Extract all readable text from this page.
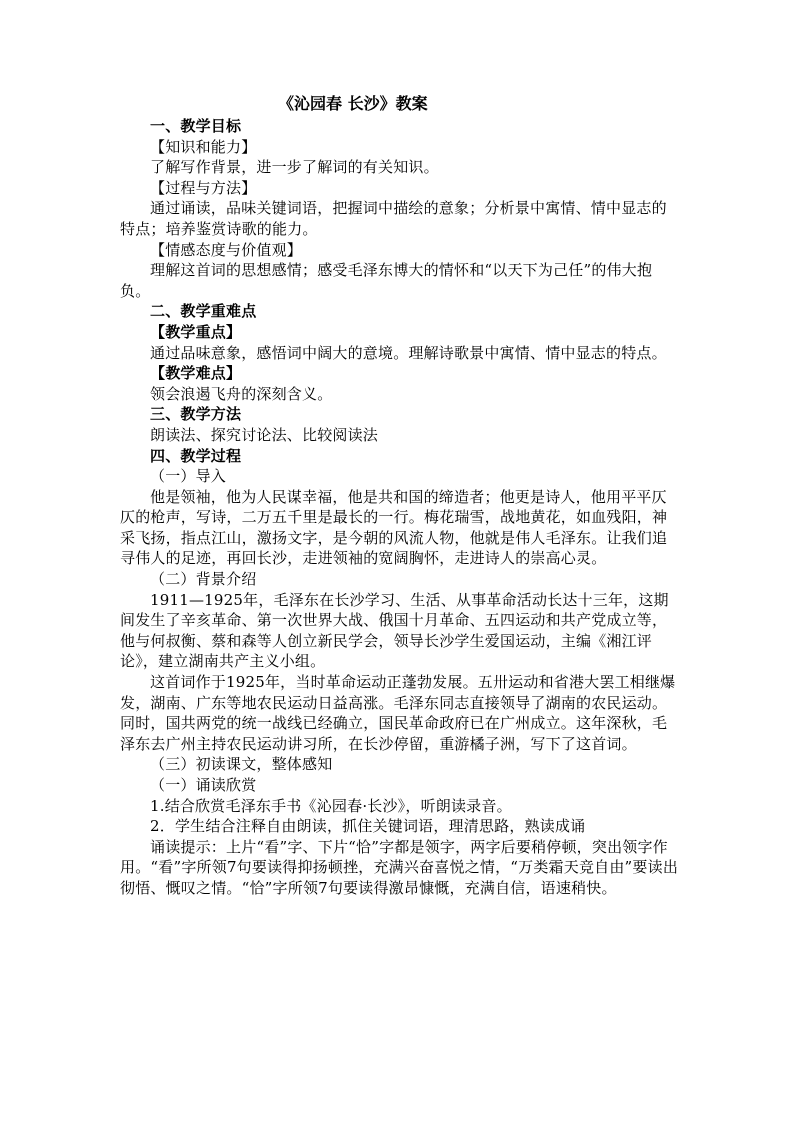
《沁园春 长沙》教案

一、教学目标

【知识和能力】

了解写作背景，进一步了解词的有关知识。

【过程与方法】

通过诵读，品味关键词语，把握词中描绘的意象；分析景中寓情、情中显志的特点；培养鉴赏诗歌的能力。

【情感态度与价值观】

理解这首词的思想感情；感受毛泽东博大的情怀和“以天下为己任”的伟大抱负。

二、教学重难点

【教学重点】

通过品味意象，感悟词中阔大的意境。理解诗歌景中寓情、情中显志的特点。

【教学难点】

领会浪遏飞舟的深刻含义。

三、教学方法

朗读法、探究讨论法、比较阅读法

四、教学过程

（一）导入

他是领袖，他为人民谋幸福，他是共和国的缔造者；他更是诗人，他用平平仄仄的枪声，写诗，二万五千里是最长的一行。梅花瑞雪，战地黄花，如血残阳，神采飞扬，指点江山，激扬文字，是今朝的风流人物，他就是伟人毛泽东。让我们追寻伟人的足迹，再回长沙，走进领袖的宽阔胸怀，走进诗人的崇高心灵。

（二）背景介绍

1911—1925年，毛泽东在长沙学习、生活、从事革命活动长达十三年，这期间发生了辛亥革命、第一次世界大战、俄国十月革命、五四运动和共产党成立等，他与何叔衡、蔡和森等人创立新民学会，领导长沙学生爱国运动，主编《湘江评论》，建立湖南共产主义小组。

这首词作于1925年，当时革命运动正蓬勃发展。五卅运动和省港大罢工相继爆发，湖南、广东等地农民运动日益高涨。毛泽东同志直接领导了湖南的农民运动。同时，国共两党的统一战线已经确立，国民革命政府已在广州成立。这年深秋，毛泽东去广州主持农民运动讲习所，在长沙停留，重游橘子洲，写下了这首词。

（三）初读课文，整体感知

（一）诵读欣赏

1.结合欣赏毛泽东手书《沁园春·长沙》，听朗读录音。

2．学生结合注释自由朗读，抓住关键词语，理清思路，熟读成诵

诵读提示：上片“看”字、下片“恰”字都是领字，两字后要稍停顿，突出领字作用。“看”字所领7句要读得抑扬顿挫，充满兴奋喜悦之情，“万类霜天竞自由”要读出彻悟、慨叹之情。“恰”字所领7句要读得激昂慷慨，充满自信，语速稍快。
